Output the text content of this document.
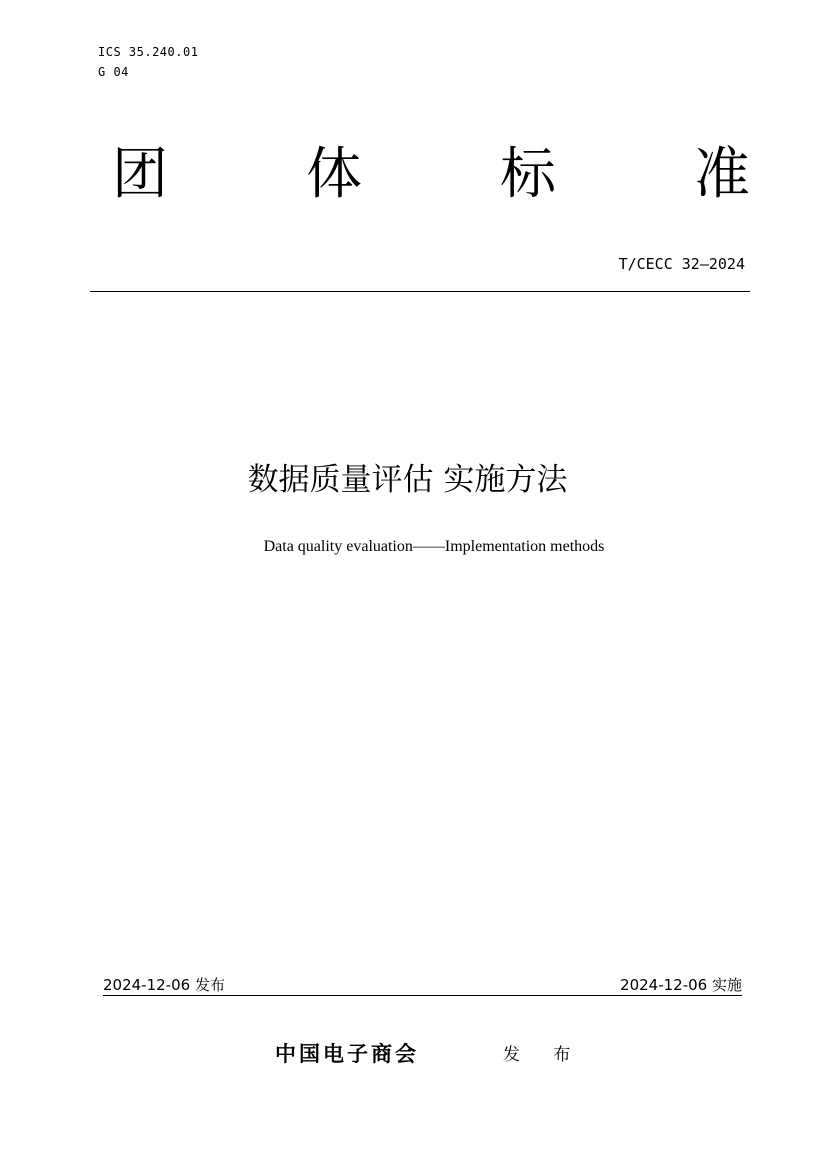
ICS 35.240.01
G 04
团 体 标 准
T/CECC 32—2024
数据质量评估 实施方法
Data quality evaluation——Implementation methods
2024-12-06 发布	2024-12-06 实施
中国电子商会	发 布
